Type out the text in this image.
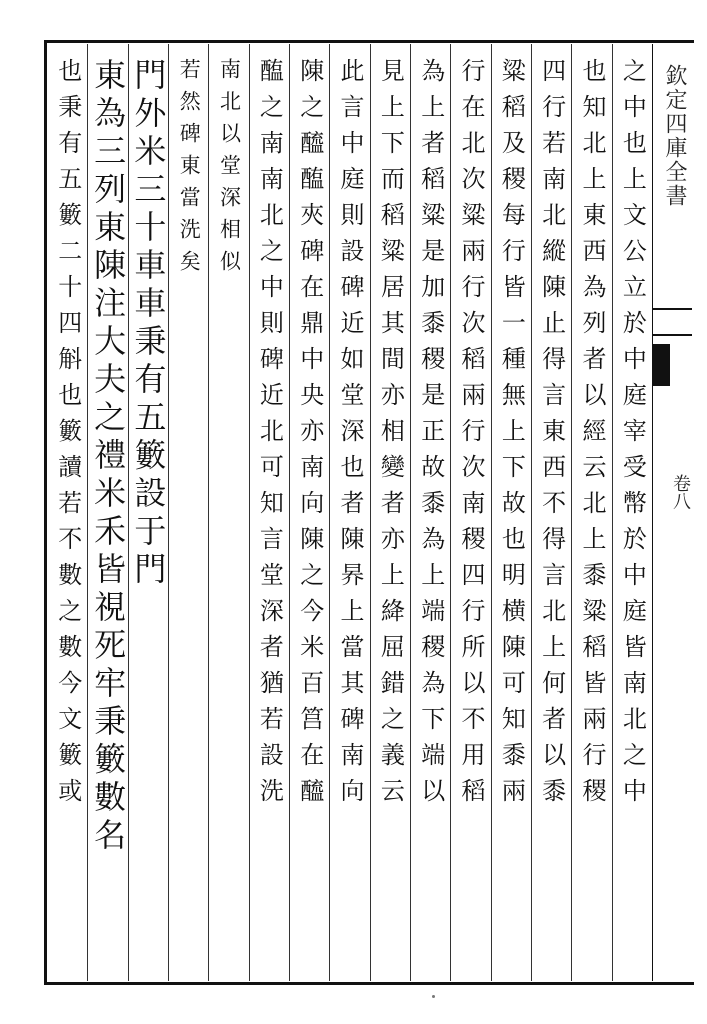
欽定四庫全書
卷八
之中也上文公立於中庭宰受幣於中庭皆南北之中
也知北上東西為列者以經云北上黍粱稻皆兩行稷
四行若南北縱陳止得言東西不得言北上何者以黍
粱稻及稷每行皆一種無上下故也明横陳可知黍兩
行在北次粱兩行次稻兩行次南稷四行所以不用稻
為上者稻粱是加黍稷是正故黍為上端稷為下端以
見上下而稻粱居其間亦相變者亦上絳屈錯之義云
此言中庭則設碑近如堂深也者陳昦上當其碑南向
陳之醯醢夾碑在鼎中央亦南向陳之今米百筥在醯
醢之南南北之中則碑近北可知言堂深者猶若設洗
南北以堂深相似
若然碑東當洗矣
門外米三十車車秉有五籔設于門
東為三列東陳注大夫之禮米禾皆視死牢秉籔數名
也秉有五籔二十四斛也籔讀若不數之數今文籔或
